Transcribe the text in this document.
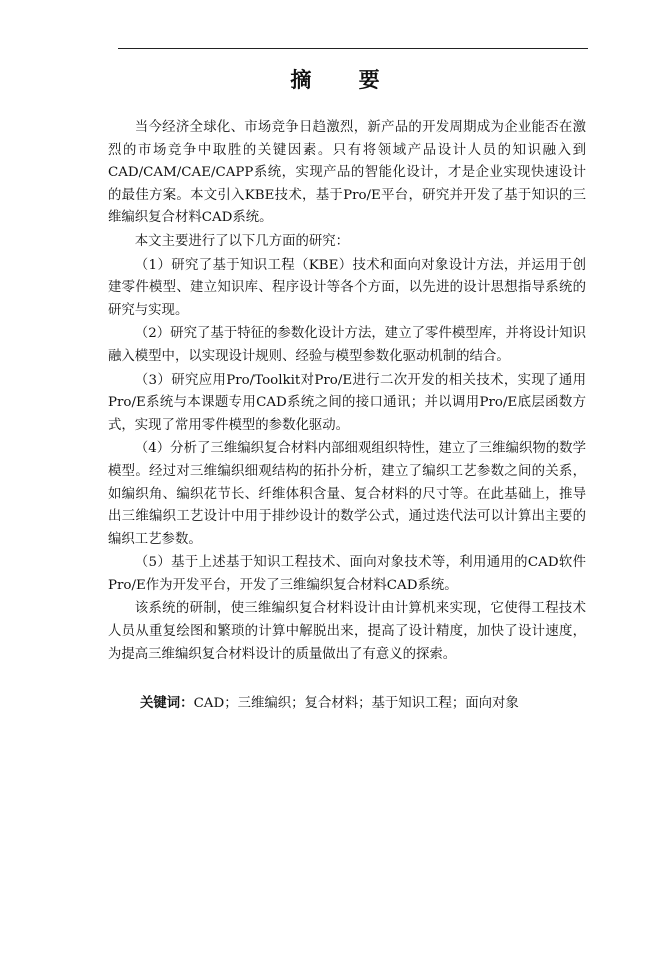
摘 要

当今经济全球化、市场竞争日趋激烈，新产品的开发周期成为企业能否在激烈的市场竞争中取胜的关键因素。只有将领域产品设计人员的知识融入到CAD/CAM/CAE/CAPP系统，实现产品的智能化设计，才是企业实现快速设计的最佳方案。本文引入KBE技术，基于Pro/E平台，研究并开发了基于知识的三维编织复合材料CAD系统。

本文主要进行了以下几方面的研究：

（1）研究了基于知识工程（KBE）技术和面向对象设计方法，并运用于创建零件模型、建立知识库、程序设计等各个方面，以先进的设计思想指导系统的研究与实现。

（2）研究了基于特征的参数化设计方法，建立了零件模型库，并将设计知识融入模型中，以实现设计规则、经验与模型参数化驱动机制的结合。

（3）研究应用Pro/Toolkit对Pro/E进行二次开发的相关技术，实现了通用Pro/E系统与本课题专用CAD系统之间的接口通讯；并以调用Pro/E底层函数方式，实现了常用零件模型的参数化驱动。

（4）分析了三维编织复合材料内部细观组织特性，建立了三维编织物的数学模型。经过对三维编织细观结构的拓扑分析，建立了编织工艺参数之间的关系，如编织角、编织花节长、纤维体积含量、复合材料的尺寸等。在此基础上，推导出三维编织工艺设计中用于排纱设计的数学公式，通过迭代法可以计算出主要的编织工艺参数。

（5）基于上述基于知识工程技术、面向对象技术等，利用通用的CAD软件Pro/E作为开发平台，开发了三维编织复合材料CAD系统。

该系统的研制，使三维编织复合材料设计由计算机来实现，它使得工程技术人员从重复绘图和繁琐的计算中解脱出来，提高了设计精度，加快了设计速度，为提高三维编织复合材料设计的质量做出了有意义的探索。

关键词：CAD；三维编织；复合材料；基于知识工程；面向对象
